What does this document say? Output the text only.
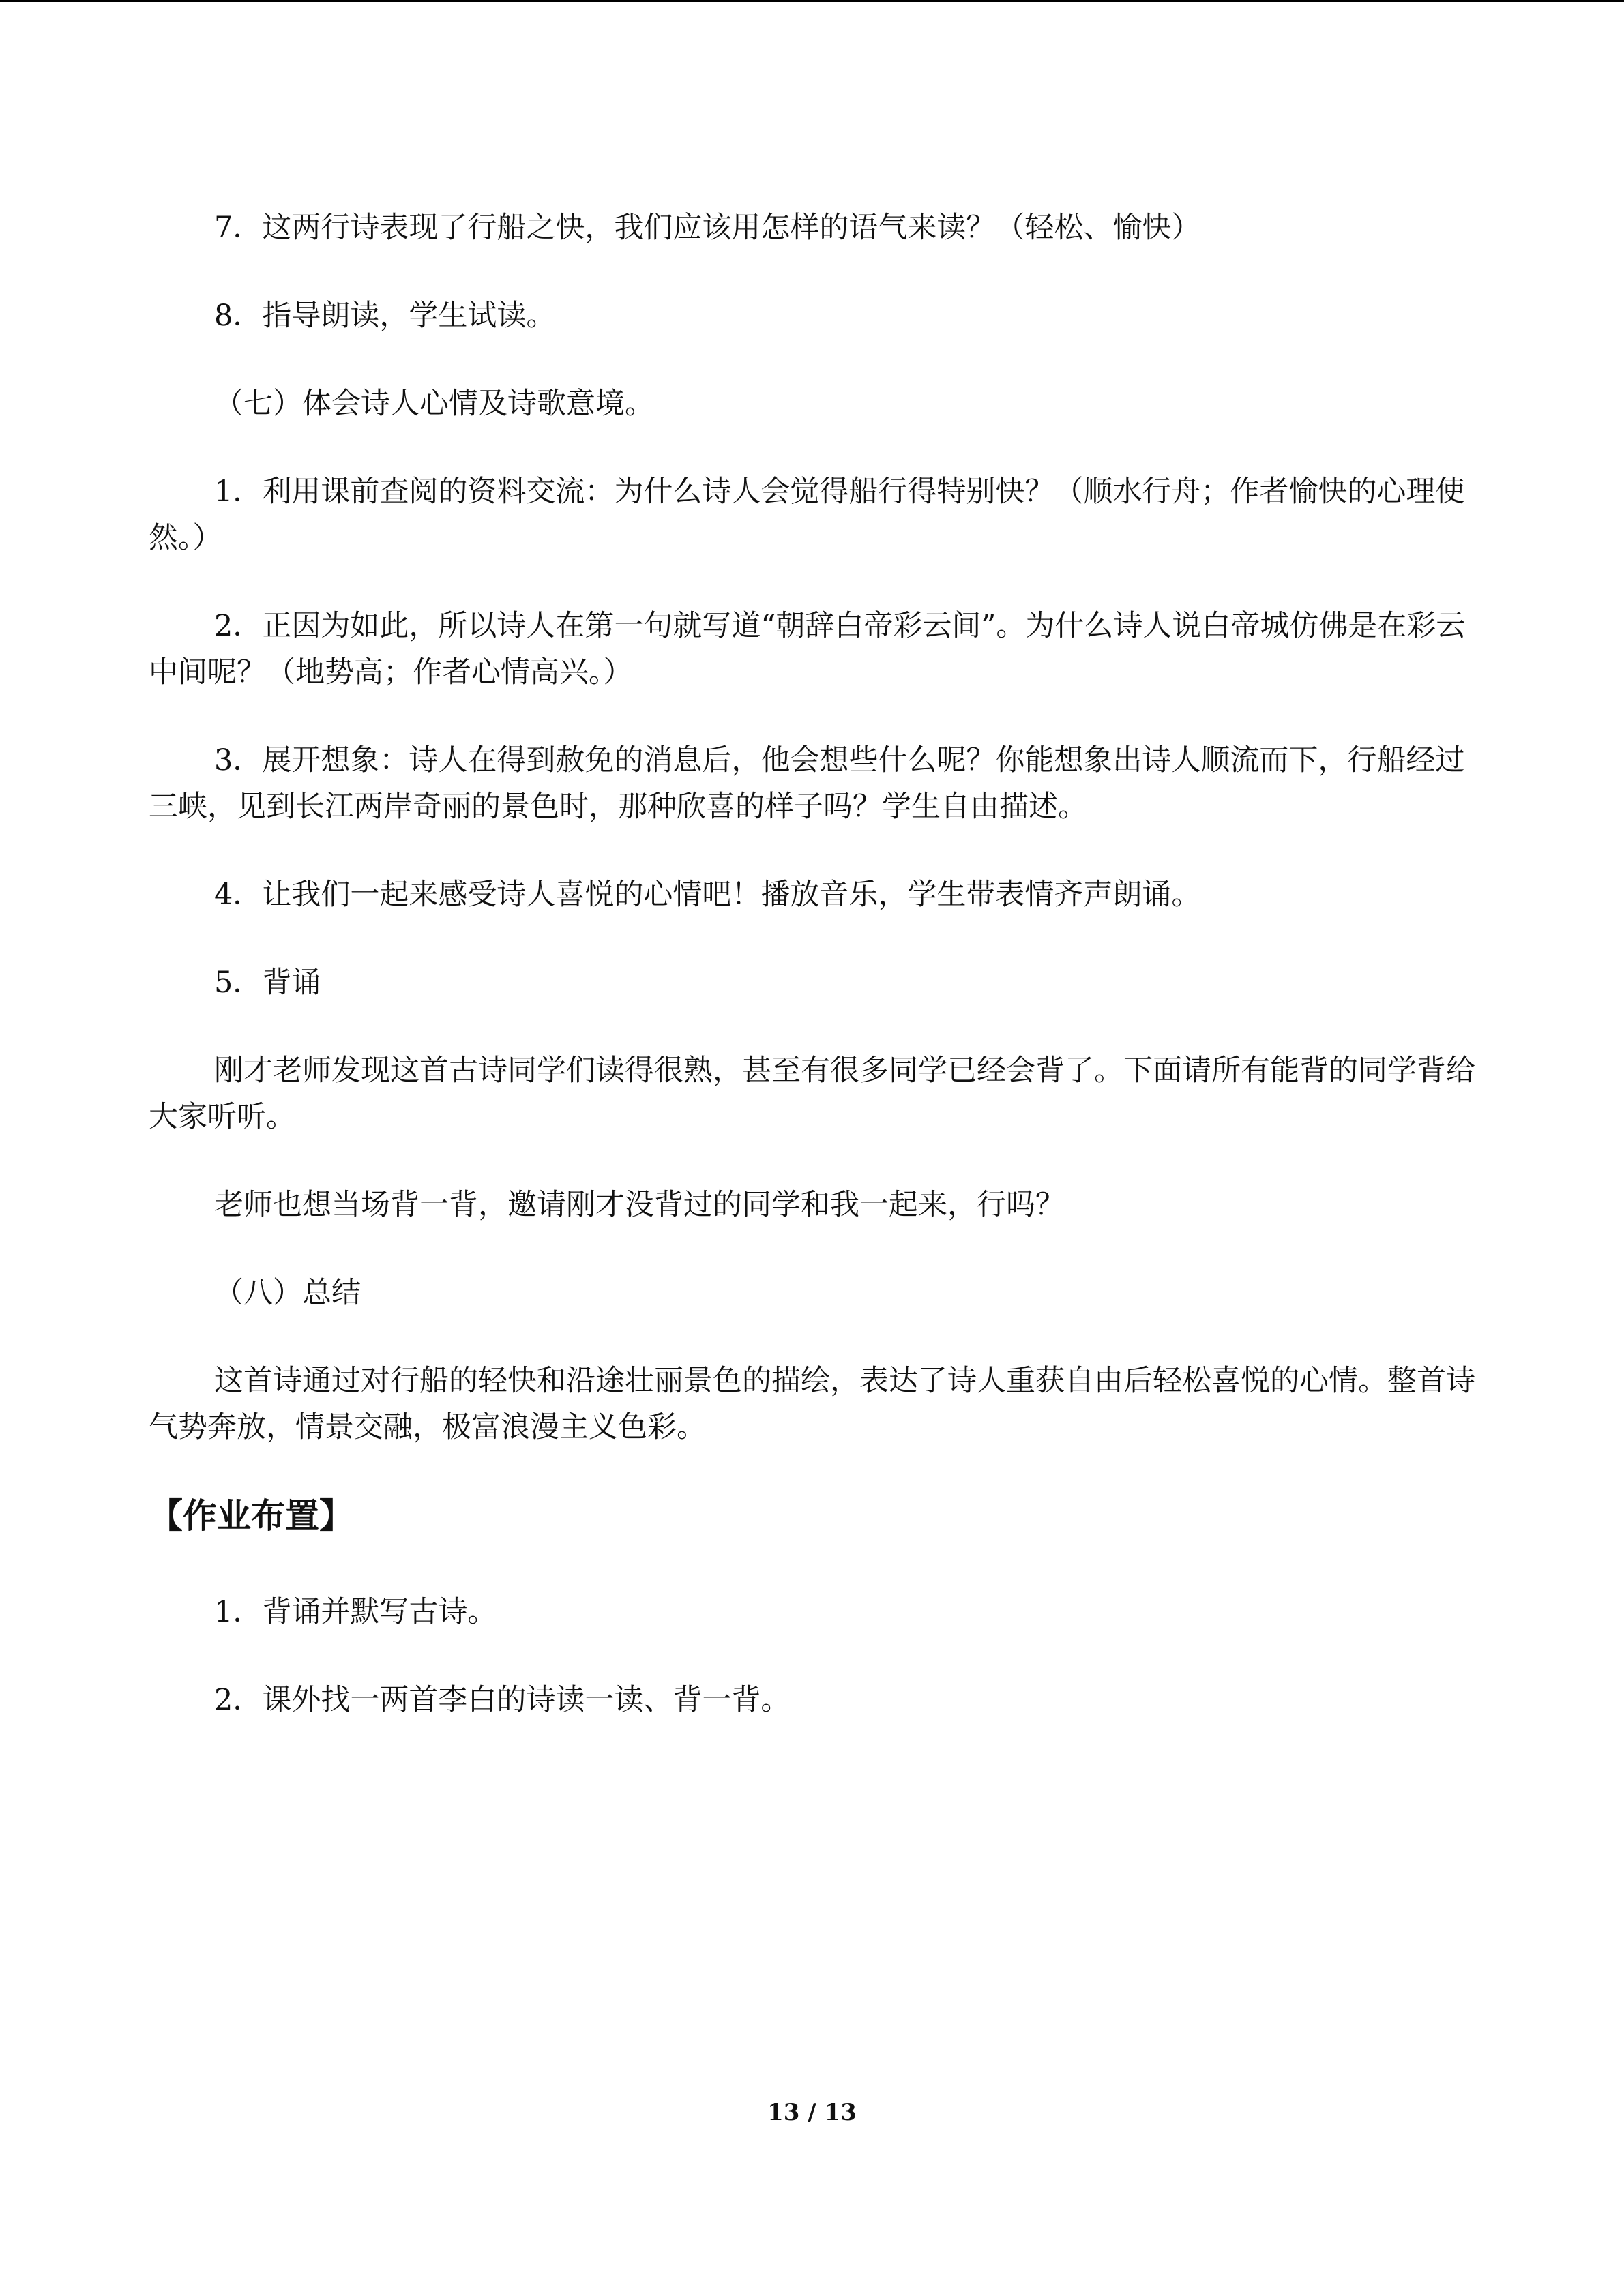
7．这两行诗表现了行船之快，我们应该用怎样的语气来读？（轻松、愉快）

8．指导朗读，学生试读。

（七）体会诗人心情及诗歌意境。

1．利用课前查阅的资料交流：为什么诗人会觉得船行得特别快？（顺水行舟；作者愉快的心理使然。）

2．正因为如此，所以诗人在第一句就写道“朝辞白帝彩云间”。为什么诗人说白帝城仿佛是在彩云中间呢？（地势高；作者心情高兴。）

3．展开想象：诗人在得到赦免的消息后，他会想些什么呢？你能想象出诗人顺流而下，行船经过三峡，见到长江两岸奇丽的景色时，那种欣喜的样子吗？学生自由描述。

4．让我们一起来感受诗人喜悦的心情吧！播放音乐，学生带表情齐声朗诵。

5．背诵

刚才老师发现这首古诗同学们读得很熟，甚至有很多同学已经会背了。下面请所有能背的同学背给大家听听。

老师也想当场背一背，邀请刚才没背过的同学和我一起来，行吗？

（八）总结

这首诗通过对行船的轻快和沿途壮丽景色的描绘，表达了诗人重获自由后轻松喜悦的心情。整首诗气势奔放，情景交融，极富浪漫主义色彩。

【作业布置】

1．背诵并默写古诗。

2．课外找一两首李白的诗读一读、背一背。

13 / 13
